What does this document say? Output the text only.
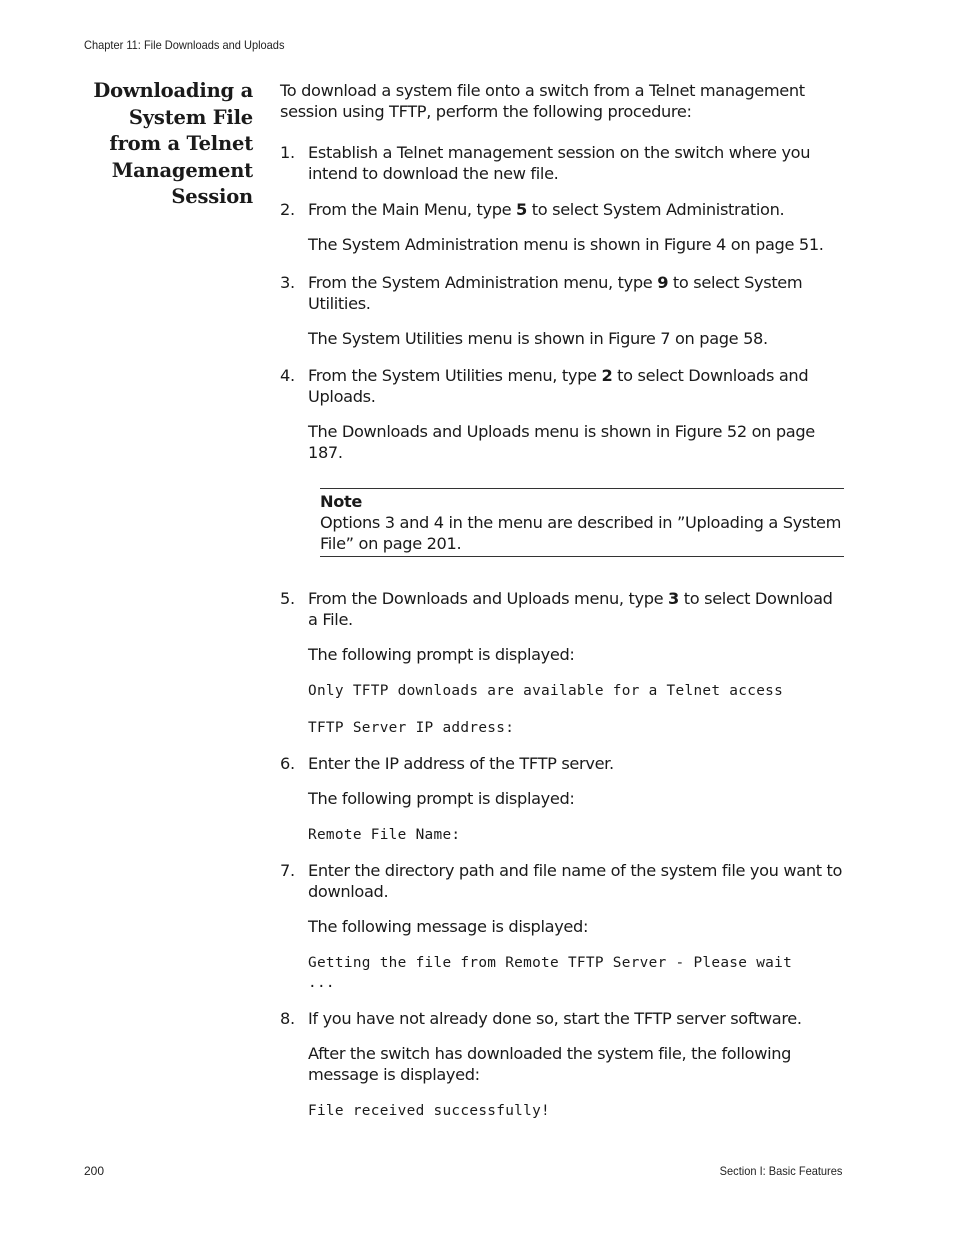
Chapter 11: File Downloads and Uploads
Downloading a
System File
from a Telnet
Management
Session

To download a system file onto a switch from a Telnet management session using TFTP, perform the following procedure:

1. Establish a Telnet management session on the switch where you intend to download the new file.
2. From the Main Menu, type 5 to select System Administration.
The System Administration menu is shown in Figure 4 on page 51.
3. From the System Administration menu, type 9 to select System Utilities.
The System Utilities menu is shown in Figure 7 on page 58.
4. From the System Utilities menu, type 2 to select Downloads and Uploads.
The Downloads and Uploads menu is shown in Figure 52 on page 187.
Note
Options 3 and 4 in the menu are described in ”Uploading a System File” on page 201.
5. From the Downloads and Uploads menu, type 3 to select Download a File.
The following prompt is displayed:
Only TFTP downloads are available for a Telnet access
TFTP Server IP address:
6. Enter the IP address of the TFTP server.
The following prompt is displayed:
Remote File Name:
7. Enter the directory path and file name of the system file you want to download.
The following message is displayed:
Getting the file from Remote TFTP Server - Please wait
...
8. If you have not already done so, start the TFTP server software.
After the switch has downloaded the system file, the following message is displayed:
File received successfully!
200	Section I: Basic Features
